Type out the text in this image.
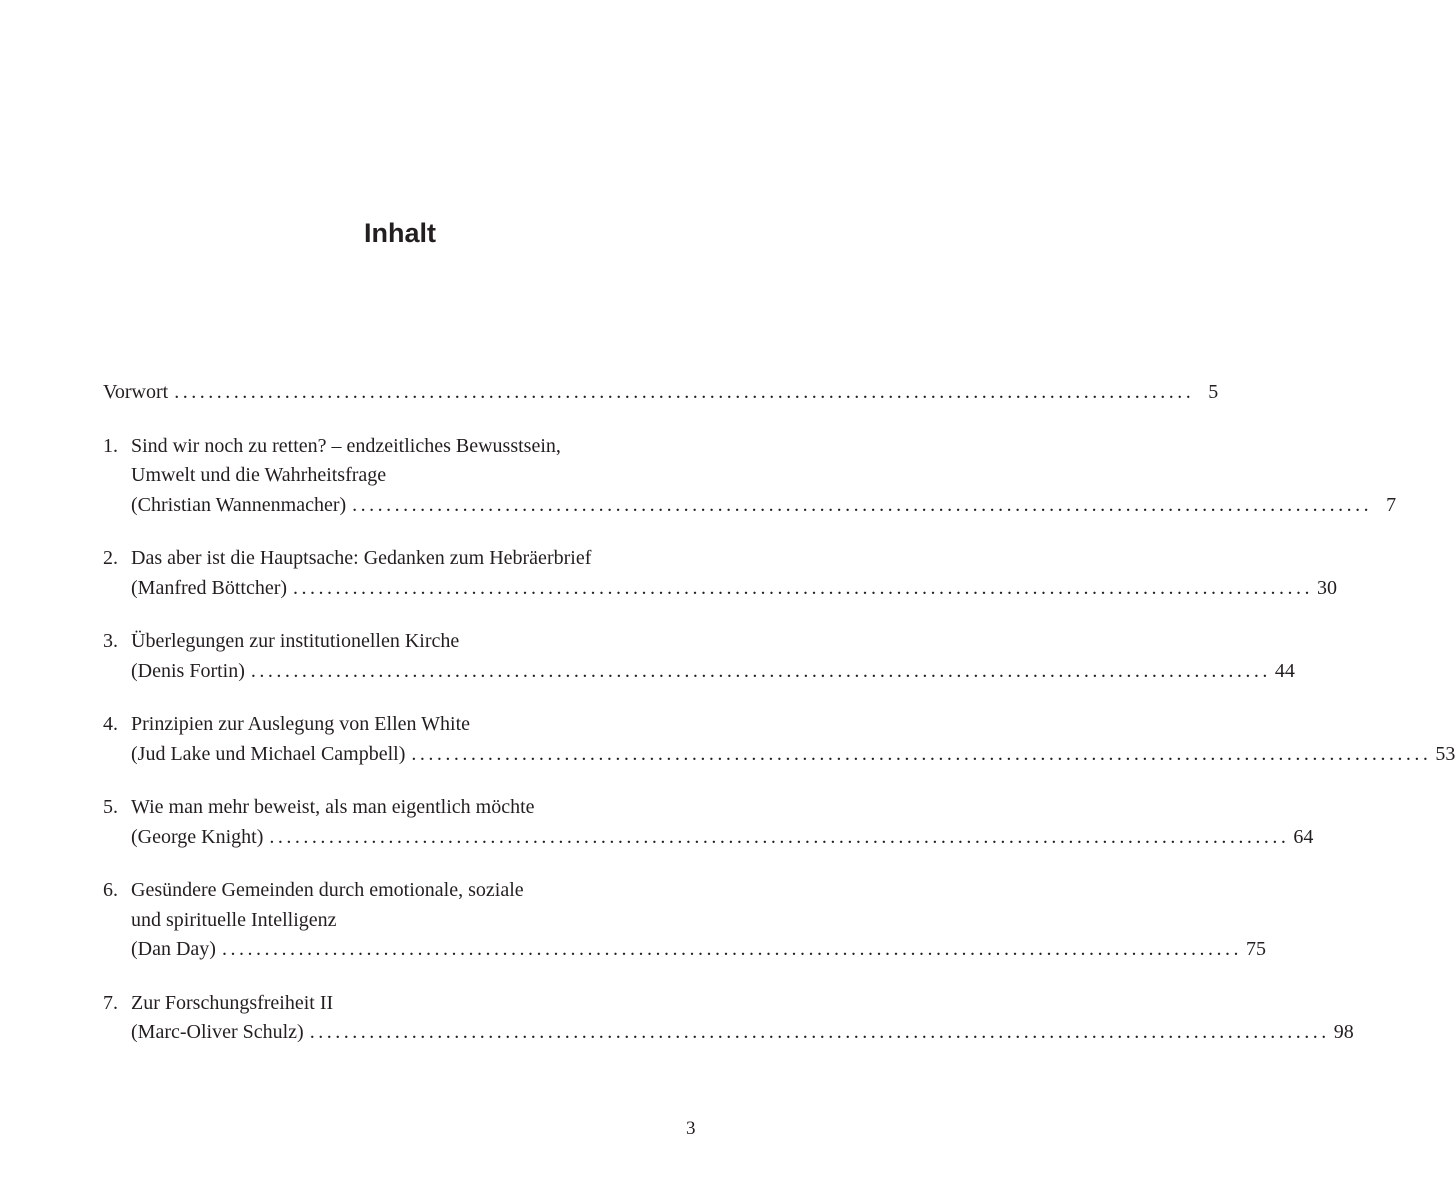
Inhalt
Vorwort ........................................................................................................................ 5
1. Sind wir noch zu retten? – endzeitliches Bewusstsein,
Umwelt und die Wahrheitsfrage
(Christian Wannenmacher) ........................................................................................................................ 7
2. Das aber ist die Hauptsache: Gedanken zum Hebräerbrief
(Manfred Böttcher) ........................................................................................................................ 30
3. Überlegungen zur institutionellen Kirche
(Denis Fortin) ........................................................................................................................ 44
4. Prinzipien zur Auslegung von Ellen White
(Jud Lake und Michael Campbell) ........................................................................................................................ 53
5. Wie man mehr beweist, als man eigentlich möchte
(George Knight) ........................................................................................................................ 64
6. Gesündere Gemeinden durch emotionale, soziale
und spirituelle Intelligenz
(Dan Day) ........................................................................................................................ 75
7. Zur Forschungsfreiheit II
(Marc-Oliver Schulz) ........................................................................................................................ 98
3
